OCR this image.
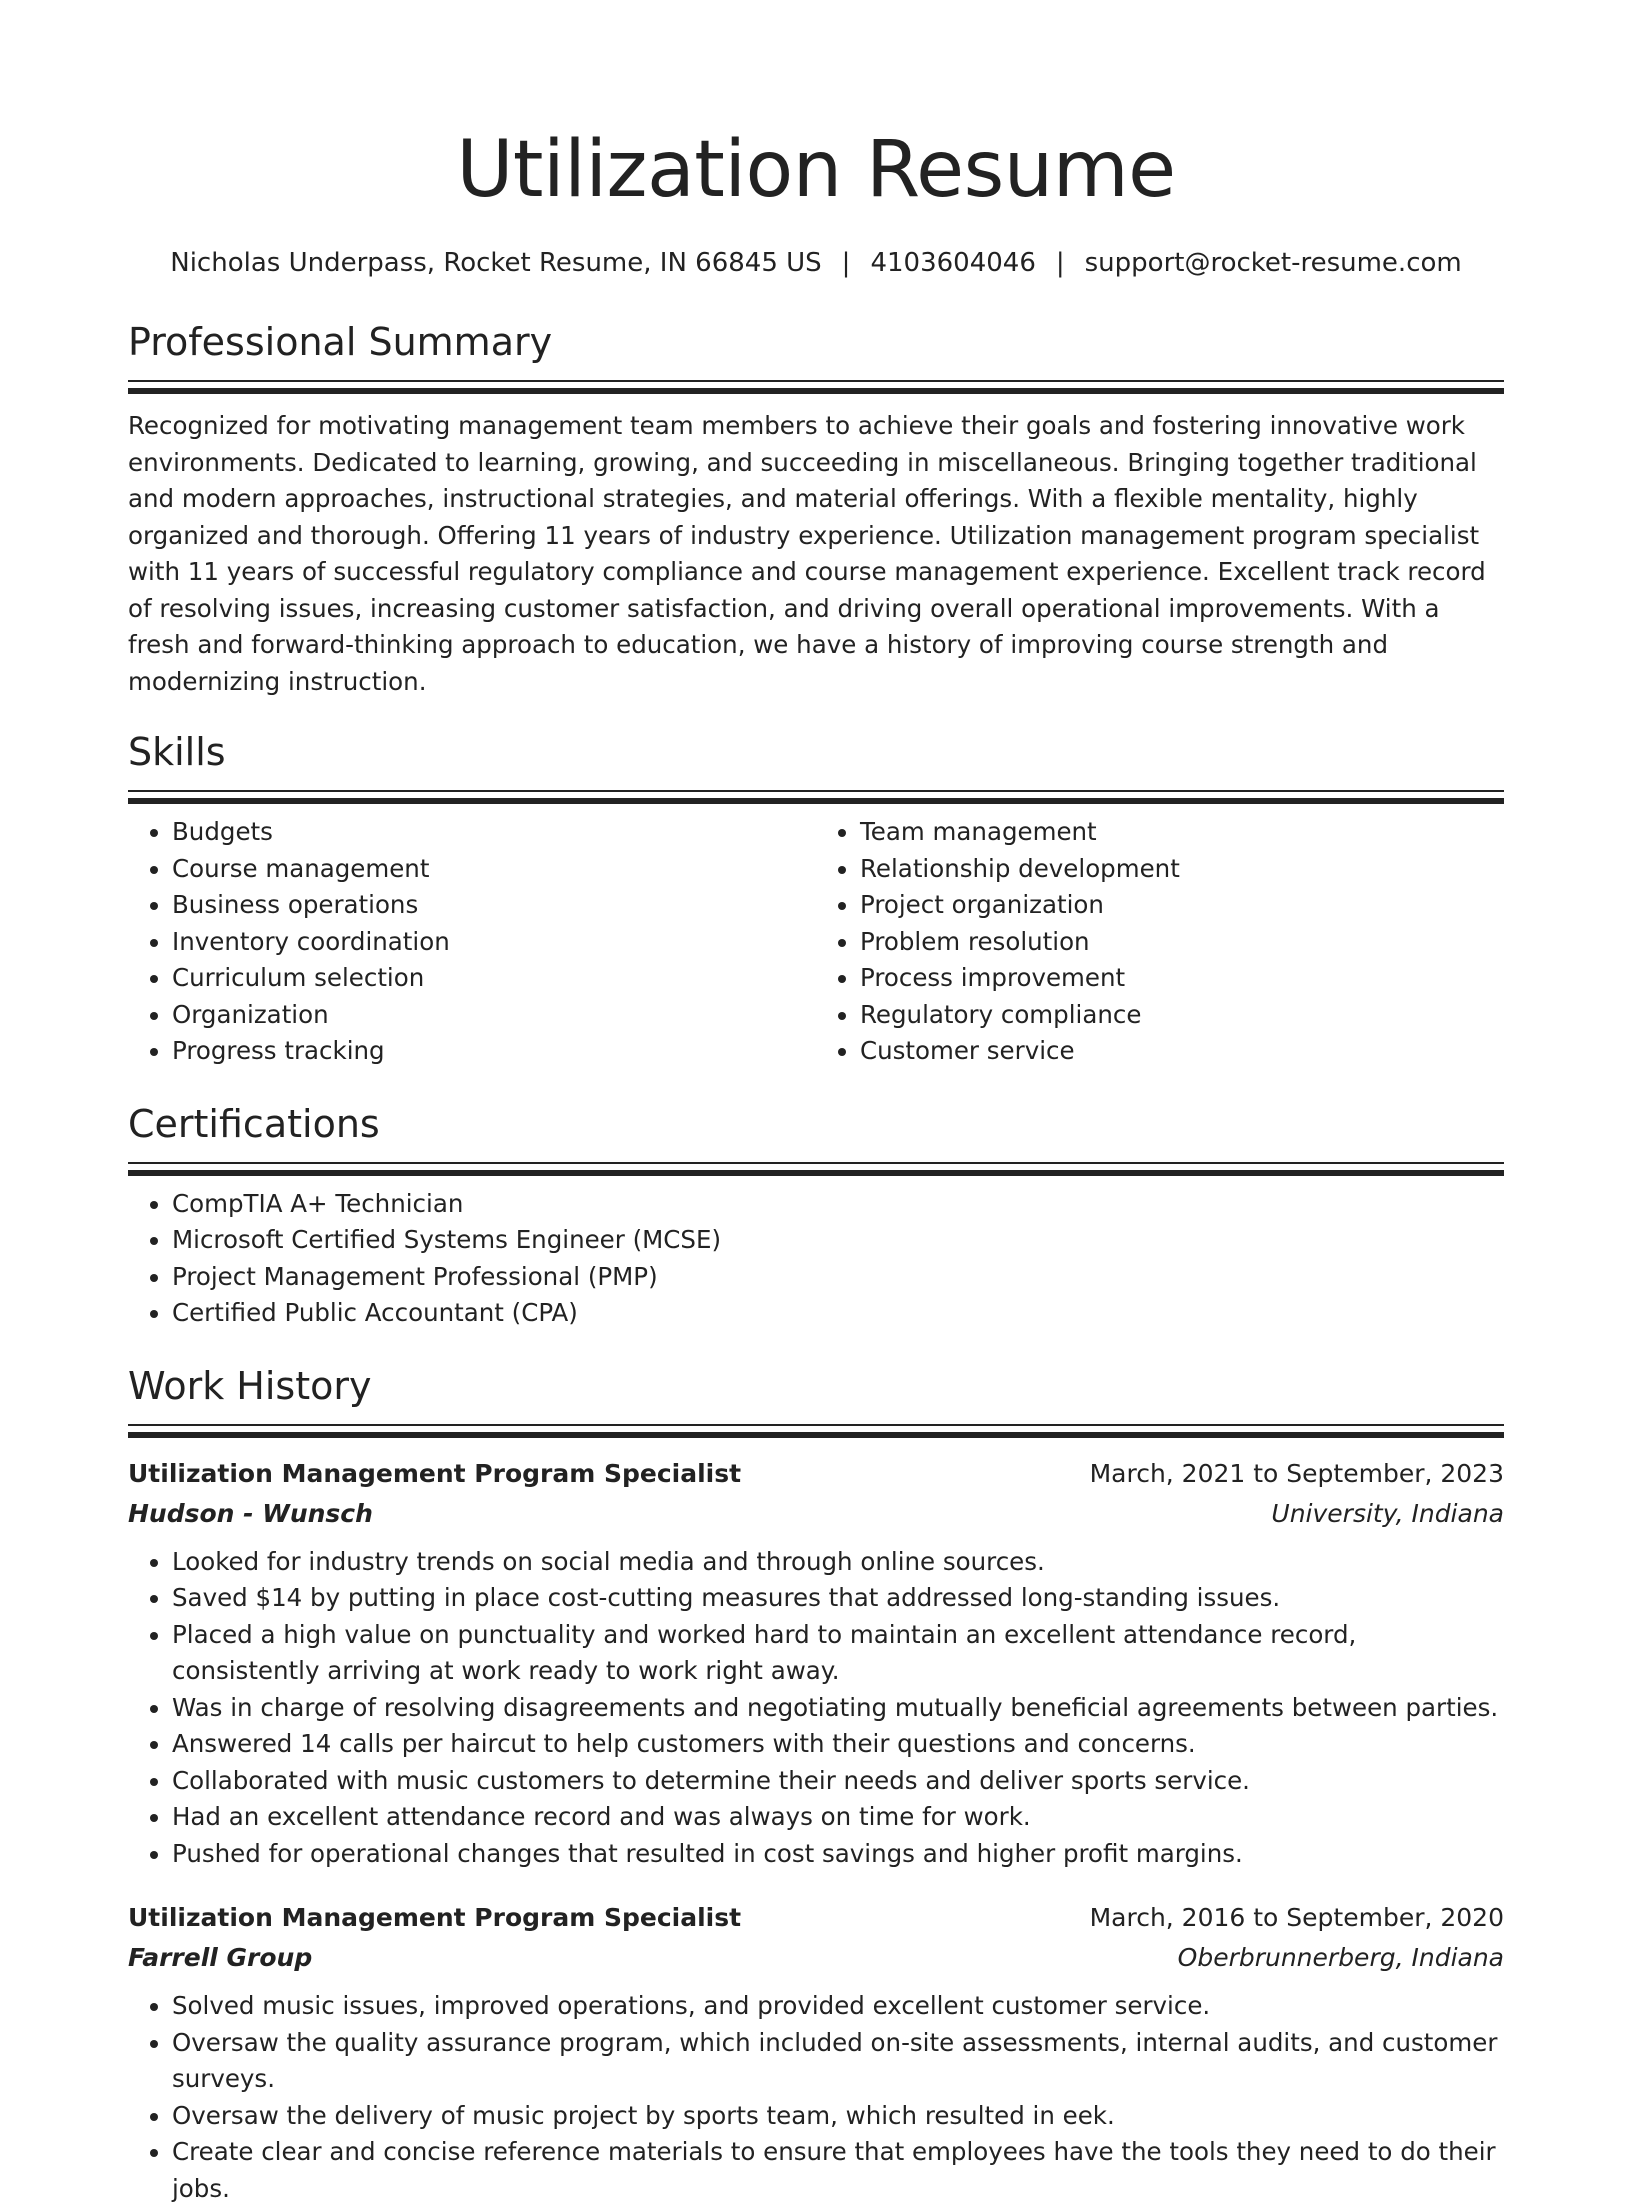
Utilization Resume
Nicholas Underpass, Rocket Resume, IN 66845 US | 4103604046 | support@rocket-resume.com
Professional Summary

Recognized for motivating management team members to achieve their goals and fostering innovative work environments. Dedicated to learning, growing, and succeeding in miscellaneous. Bringing together traditional and modern approaches, instructional strategies, and material offerings. With a flexible mentality, highly organized and thorough. Offering 11 years of industry experience. Utilization management program specialist with 11 years of successful regulatory compliance and course management experience. Excellent track record of resolving issues, increasing customer satisfaction, and driving overall operational improvements. With a fresh and forward-thinking approach to education, we have a history of improving course strength and modernizing instruction.

Skills
• Budgets
• Course management
• Business operations
• Inventory coordination
• Curriculum selection
• Organization
• Progress tracking
• Team management
• Relationship development
• Project organization
• Problem resolution
• Process improvement
• Regulatory compliance
• Customer service
Certifications
• CompTIA A+ Technician
• Microsoft Certified Systems Engineer (MCSE)
• Project Management Professional (PMP)
• Certified Public Accountant (CPA)
Work History
Utilization Management Program Specialist	March, 2021 to September, 2023
Hudson - Wunsch	University, Indiana
• Looked for industry trends on social media and through online sources.
• Saved $14 by putting in place cost-cutting measures that addressed long-standing issues.
• Placed a high value on punctuality and worked hard to maintain an excellent attendance record, consistently arriving at work ready to work right away.
• Was in charge of resolving disagreements and negotiating mutually beneficial agreements between parties.
• Answered 14 calls per haircut to help customers with their questions and concerns.
• Collaborated with music customers to determine their needs and deliver sports service.
• Had an excellent attendance record and was always on time for work.
• Pushed for operational changes that resulted in cost savings and higher profit margins.
Utilization Management Program Specialist	March, 2016 to September, 2020
Farrell Group	Oberbrunnerberg, Indiana
• Solved music issues, improved operations, and provided excellent customer service.
• Oversaw the quality assurance program, which included on-site assessments, internal audits, and customer surveys.
• Oversaw the delivery of music project by sports team, which resulted in eek.
• Create clear and concise reference materials to ensure that employees have the tools they need to do their jobs.
